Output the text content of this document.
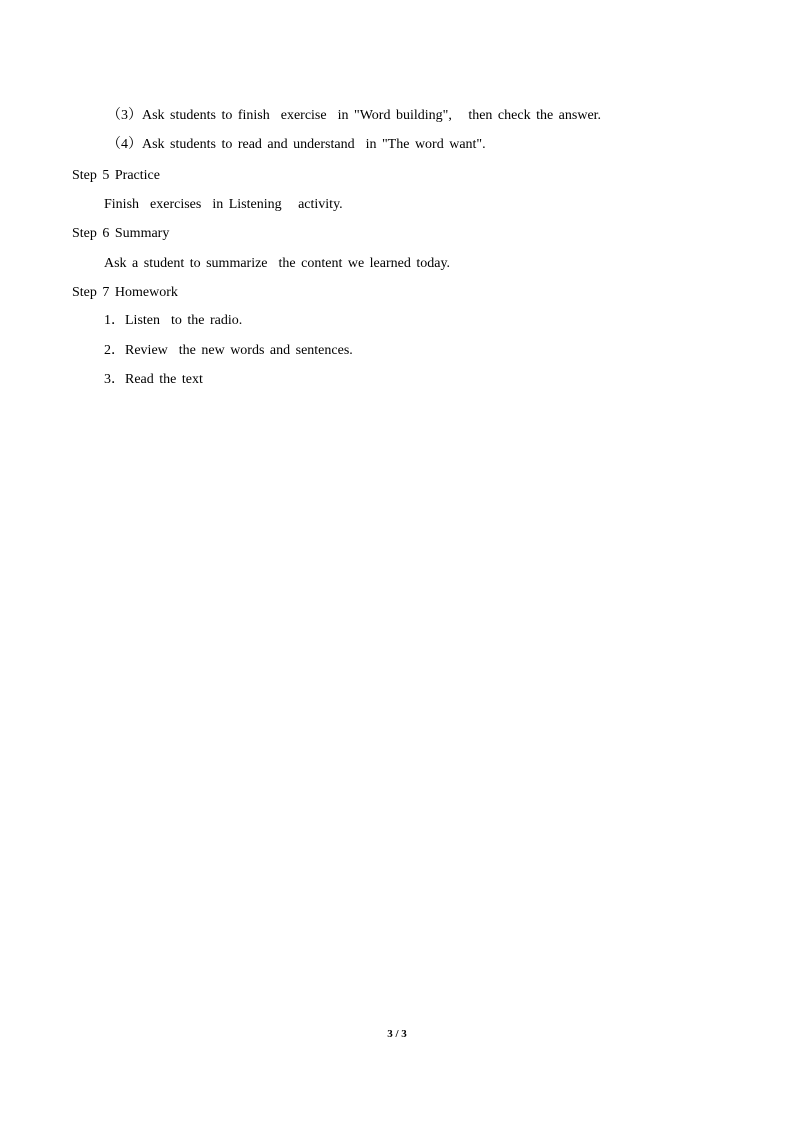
（3）Ask students to finish  exercise  in "Word building",   then check the answer.
（4）Ask students to read and understand  in "The word want".
Step 5 Practice
Finish  exercises  in Listening   activity.
Step 6 Summary
Ask a student to summarize  the content we learned today.
Step 7 Homework
1．Listen  to the radio.
2．Review  the new words and sentences.
3．Read the text
3 / 3
